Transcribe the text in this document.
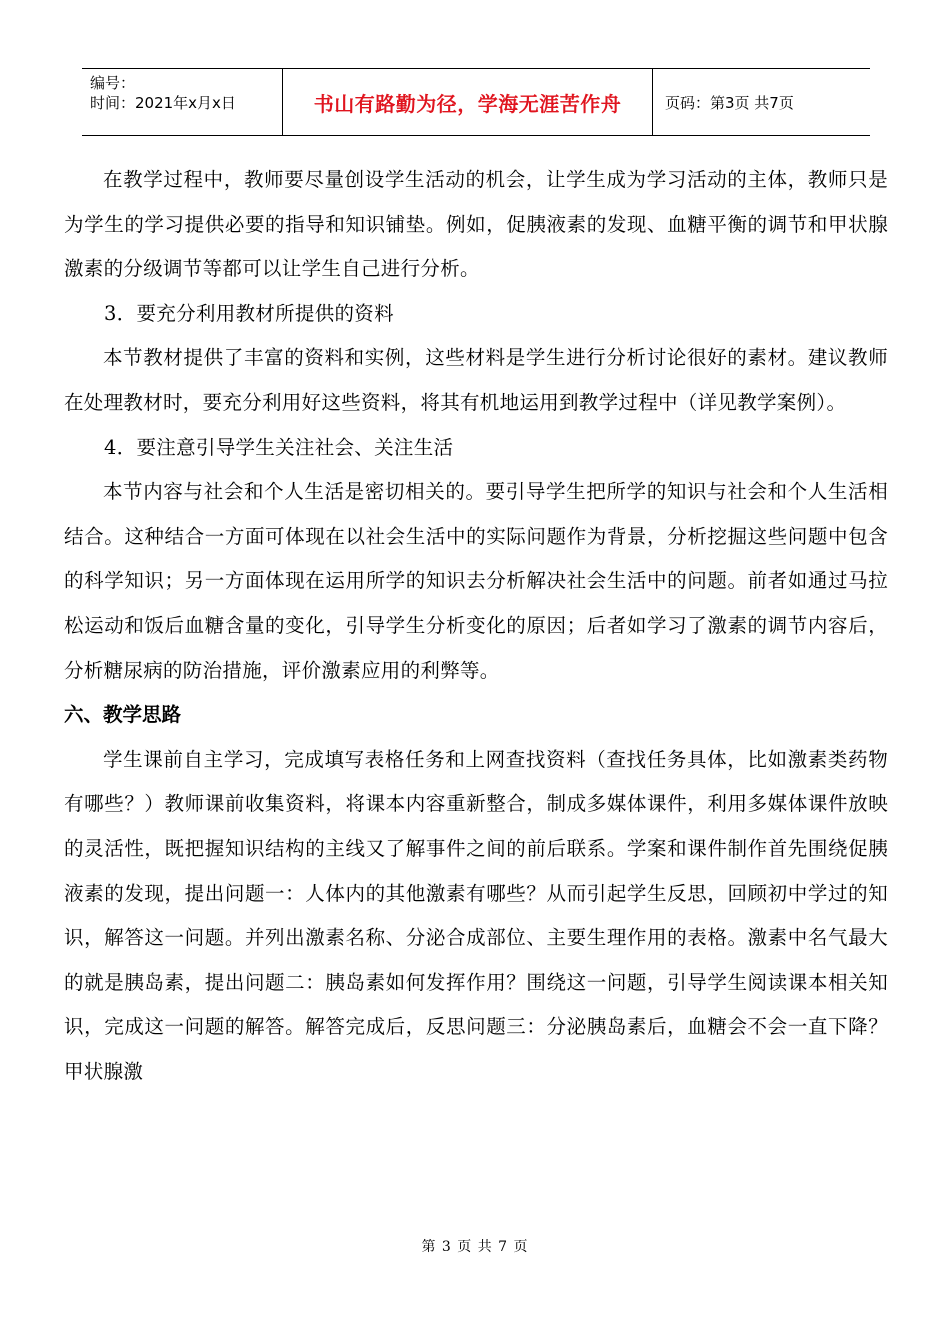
编号：
时间：2021年x月x日	书山有路勤为径，学海无涯苦作舟	页码：第3页 共7页

在教学过程中，教师要尽量创设学生活动的机会，让学生成为学习活动的主体，教师只是为学生的学习提供必要的指导和知识铺垫。例如，促胰液素的发现、血糖平衡的调节和甲状腺激素的分级调节等都可以让学生自己进行分析。

3．要充分利用教材所提供的资料

本节教材提供了丰富的资料和实例，这些材料是学生进行分析讨论很好的素材。建议教师在处理教材时，要充分利用好这些资料，将其有机地运用到教学过程中（详见教学案例）。

4．要注意引导学生关注社会、关注生活

本节内容与社会和个人生活是密切相关的。要引导学生把所学的知识与社会和个人生活相结合。这种结合一方面可体现在以社会生活中的实际问题作为背景，分析挖掘这些问题中包含的科学知识；另一方面体现在运用所学的知识去分析解决社会生活中的问题。前者如通过马拉松运动和饭后血糖含量的变化，引导学生分析变化的原因；后者如学习了激素的调节内容后，分析糖尿病的防治措施，评价激素应用的利弊等。

六、教学思路

学生课前自主学习，完成填写表格任务和上网查找资料（查找任务具体，比如激素类药物有哪些？）教师课前收集资料，将课本内容重新整合，制成多媒体课件，利用多媒体课件放映的灵活性，既把握知识结构的主线又了解事件之间的前后联系。学案和课件制作首先围绕促胰液素的发现，提出问题一：人体内的其他激素有哪些？从而引起学生反思，回顾初中学过的知识，解答这一问题。并列出激素名称、分泌合成部位、主要生理作用的表格。激素中名气最大的就是胰岛素，提出问题二：胰岛素如何发挥作用？围绕这一问题，引导学生阅读课本相关知识，完成这一问题的解答。解答完成后，反思问题三：分泌胰岛素后，血糖会不会一直下降？甲状腺激

第 3 页 共 7 页
